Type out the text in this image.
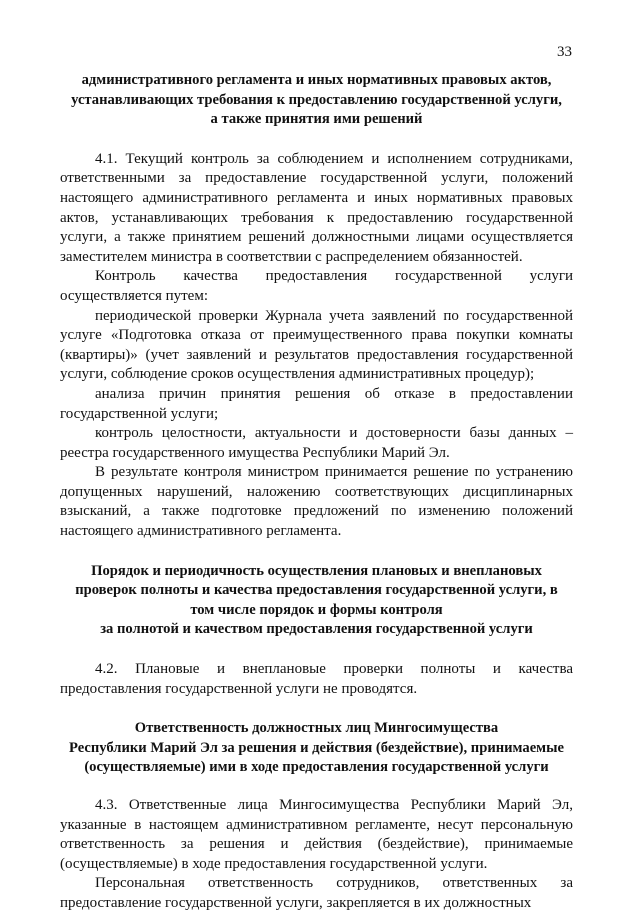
33
административного регламента и иных нормативных правовых актов,
устанавливающих требования к предоставлению государственной услуги,
а также принятия ими решений

4.1. Текущий контроль за соблюдением и исполнением сотрудниками, ответственными за предоставление государственной услуги, положений настоящего административного регламента и иных нормативных правовых актов, устанавливающих требования к предоставлению государственной услуги, а также принятием решений должностными лицами осуществляется заместителем министра в соответствии с распределением обязанностей.

Контроль качества предоставления государственной услуги осуществляется путем:

периодической проверки Журнала учета заявлений по государственной услуге «Подготовка отказа от преимущественного права покупки комнаты (квартиры)» (учет заявлений и результатов предоставления государственной услуги, соблюдение сроков осуществления административных процедур);

анализа причин принятия решения об отказе в предоставлении государственной услуги;

контроль целостности, актуальности и достоверности базы данных – реестра государственного имущества Республики Марий Эл.

В результате контроля министром принимается решение по устранению допущенных нарушений, наложению соответствующих дисциплинарных взысканий, а также подготовке предложений по изменению положений настоящего административного регламента.

Порядок и периодичность осуществления плановых и внеплановых
проверок полноты и качества предоставления государственной услуги, в
том числе порядок и формы контроля
за полнотой и качеством предоставления государственной услуги

4.2. Плановые и внеплановые проверки полноты и качества предоставления государственной услуги не проводятся.

Ответственность должностных лиц Мингосимущества
Республики Марий Эл за решения и действия (бездействие), принимаемые
(осуществляемые) ими в ходе предоставления государственной услуги

4.3. Ответственные лица Мингосимущества Республики Марий Эл, указанные в настоящем административном регламенте, несут персональную ответственность за решения и действия (бездействие), принимаемые (осуществляемые) в ходе предоставления государственной услуги.

Персональная ответственность сотрудников, ответственных за предоставление государственной услуги, закрепляется в их должностных
